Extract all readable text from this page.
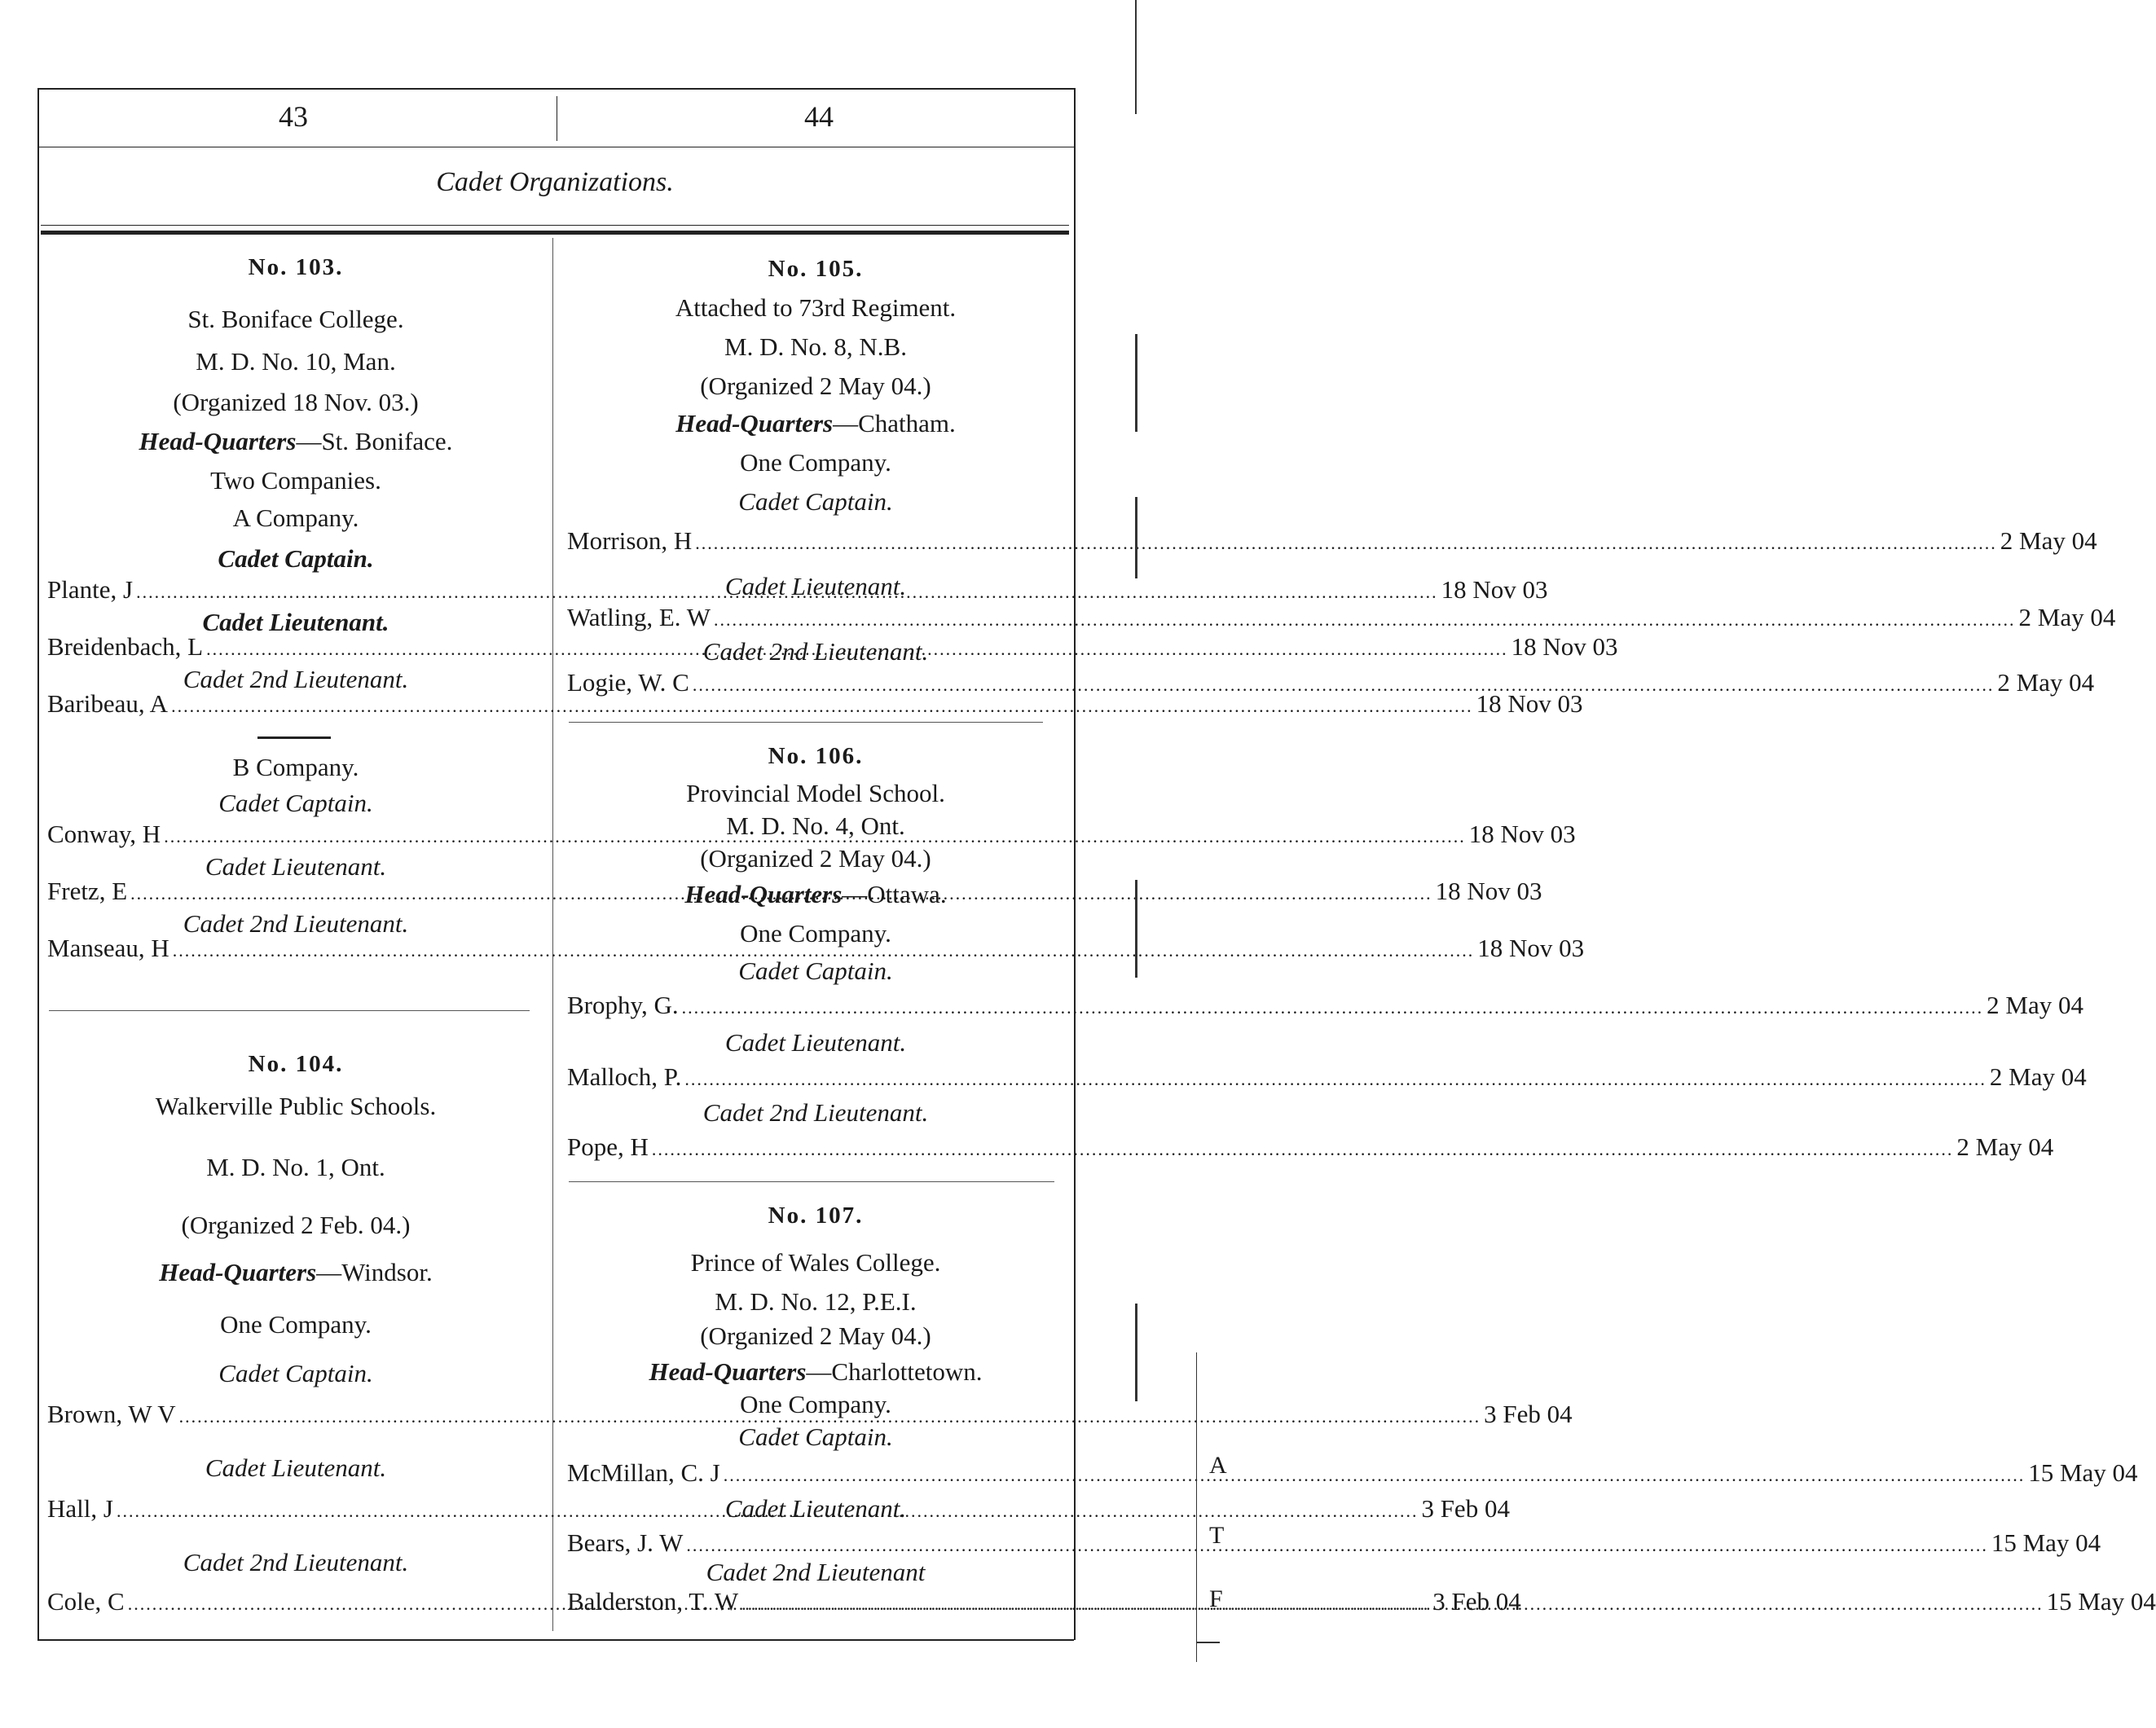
43	44
Cadet Organizations.
No. 103.
St. Boniface College.
M. D. No. 10, Man.
(Organized 18 Nov. 03.)
Head-Quarters—St. Boniface.
Two Companies.
A Company.
Cadet Captain.
Plante, J .....	18 Nov 03
Cadet Lieutenant.
Breidenbach, L .....	18 Nov 03
Cadet 2nd Lieutenant.
Baribeau, A .....	18 Nov 03
B Company.
Cadet Captain.
Conway, H .....	18 Nov 03
Cadet Lieutenant.
Fretz, E .....	18 Nov 03
Cadet 2nd Lieutenant.
Manseau, H .....	18 Nov 03
No. 104.
Walkerville Public Schools.
M. D. No. 1, Ont.
(Organized 2 Feb. 04.)
Head-Quarters—Windsor.
One Company.
Cadet Captain.
Brown, W V .....	3 Feb 04
Cadet Lieutenant.
Hall, J .....	3 Feb 04
Cadet 2nd Lieutenant.
Cole, C .....	3 Feb 04
No. 105.
Attached to 73rd Regiment.
M. D. No. 8, N.B.
(Organized 2 May 04.)
Head-Quarters—Chatham.
One Company.
Cadet Captain.
Morrison, H .....	2 May 04
Cadet Lieutenant.
Watling, E. W .....	2 May 04
Cadet 2nd Lieutenant.
Logie, W. C .....	2 May 04
No. 106.
Provincial Model School.
M. D. No. 4, Ont.
(Organized 2 May 04.)
Head-Quarters—Ottawa.
One Company.
Cadet Captain.
Brophy, G. .....	2 May 04
Cadet Lieutenant.
Malloch, P. .....	2 May 04
Cadet 2nd Lieutenant.
Pope, H .....	2 May 04
No. 107.
Prince of Wales College.
M. D. No. 12, P.E.I.
(Organized 2 May 04.)
Head-Quarters—Charlottetown.
One Company.
Cadet Captain.
McMillan, C. J .....	15 May 04
Cadet Lieutenant.
Bears, J. W .....	15 May 04
Cadet 2nd Lieutenant
Balderston, T. W .....	15 May 04
A
T
F
